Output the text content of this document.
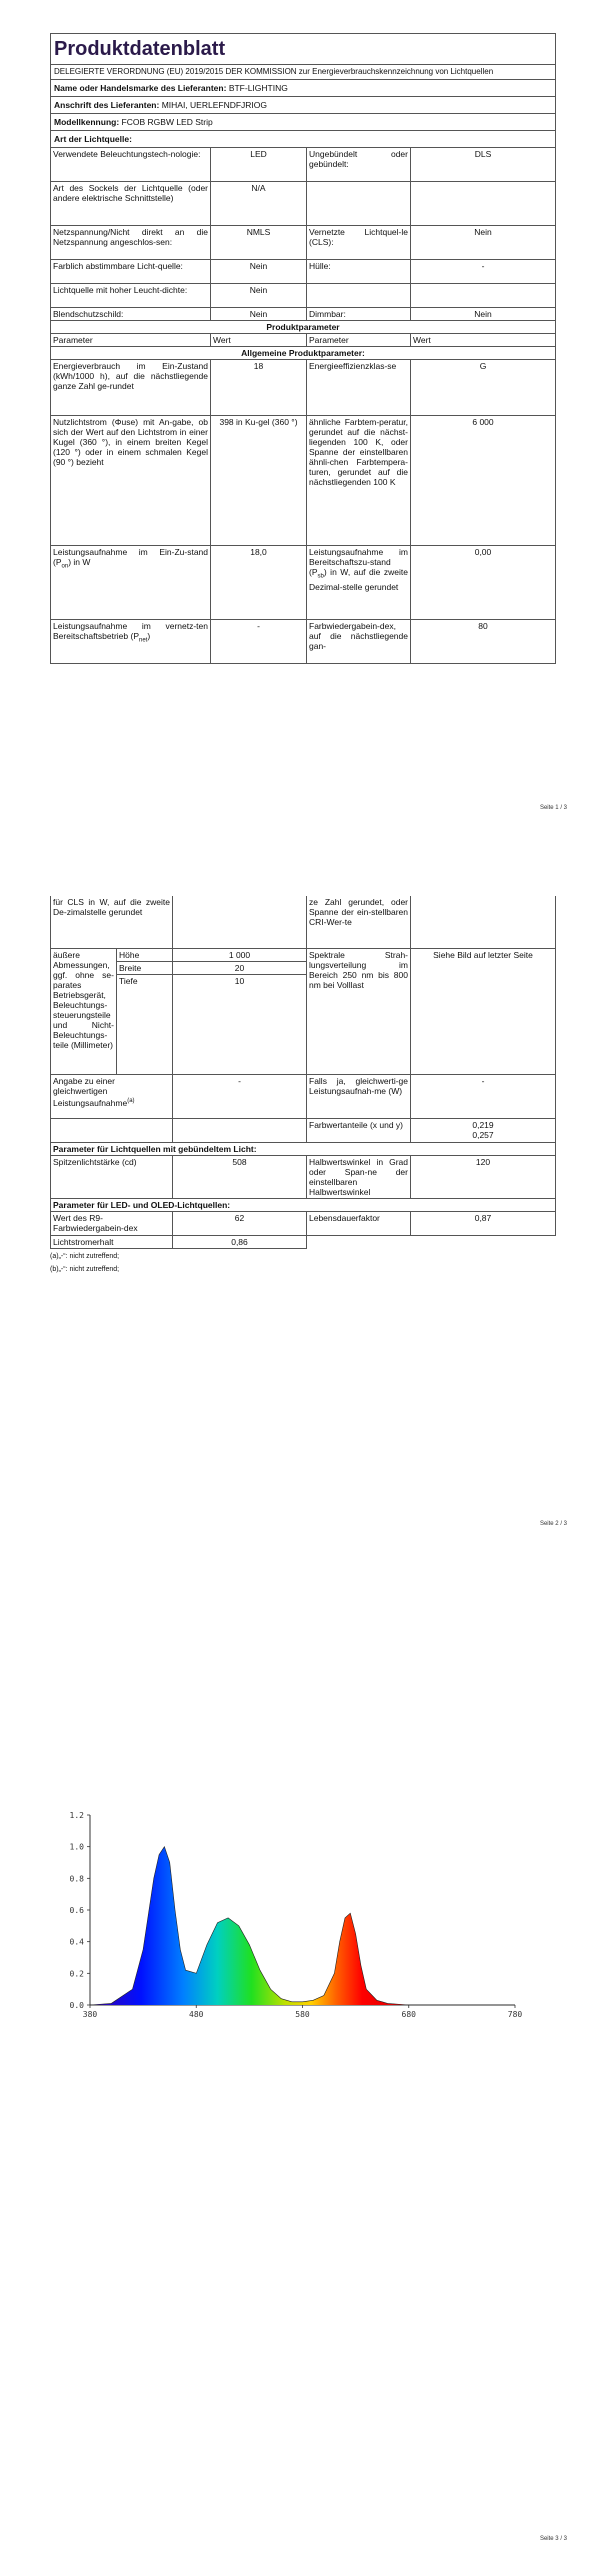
Produktdatenblatt			
DELEGIERTE VERORDNUNG (EU) 2019/2015 DER KOMMISSION zur Energieverbrauchskennzeichnung von Lichtquellen			
Name oder Handelsmarke des Lieferanten: BTF-LIGHTING			
Anschrift des Lieferanten: MIHAI, UERLEFNDFJRIOG			
Modellkennung: FCOB RGBW LED Strip			
Art der Lichtquelle:			
Verwendete Beleuchtungstech-nologie:	LED	Ungebündelt oder gebündelt:	DLS
Art des Sockels der Lichtquelle (oder andere elektrische Schnittstelle)	N/A		
Netzspannung/Nicht direkt an die Netzspannung angeschlos-sen:	NMLS	Vernetzte Lichtquel-le (CLS):	Nein
Farblich abstimmbare Licht-quelle:	Nein	Hülle:	-
Lichtquelle mit hoher Leucht-dichte:	Nein		
Blendschutzschild:	Nein	Dimmbar:	Nein
Produktparameter			
Parameter	Wert	Parameter	Wert
Allgemeine Produktparameter:			
Energieverbrauch im Ein-Zustand (kWh/1000 h), auf die nächstliegende ganze Zahl ge-rundet	18	Energieeffizienzklas-se	G
Nutzlichtstrom (Φuse) mit An-gabe, ob sich der Wert auf den Lichtstrom in einer Kugel (360 °), in einem breiten Kegel (120 °) oder in einem schmalen Kegel (90 °) bezieht	398 in Ku-gel (360 °)	ähnliche Farbtem-peratur, gerundet auf die nächst-liegenden 100 K, oder Spanne der einstellbaren ähnli-chen Farbtempera-turen, gerundet auf die nächstliegenden 100 K	6 000
Leistungsaufnahme im Ein-Zu-stand $(P_{on})$ in W	18,0	Leistungsaufnahme im Bereitschaftszu-stand $(P_{sb})$ in W, auf die zweite Dezimal-stelle gerundet	0,00
Leistungsaufnahme im vernetz-ten Bereitschaftsbetrieb $(P_{net})$	-	Farbwiedergabein-dex, auf die nächstliegende gan-	80
Seite 1 / 3
für CLS in W, auf die zweite De-zimalstelle gerundet			ze Zahl gerundet, oder Spanne der ein-stellbaren CRI-Wer-te	
äußere Abmessungen, ggf. ohne se-parates Betriebsgerät, Beleuchtungs-steuerungsteile und Nicht-Beleuchtungs-teile (Millimeter)	Höhe	1 000	Spektrale Strah-lungsverteilung im Bereich 250 nm bis 800 nm bei Volllast	Siehe Bild auf letzter Seite
	Breite	20		
	Tiefe	10		
Angabe zu einer gleichwertigen Leistungsaufnahme$^{(a)}$		-	Falls ja, gleichwerti-ge Leistungsaufnah-me (W)	-
			Farbwertanteile (x und y)	0,219
0,257

Parameter für Lichtquellen mit gebündeltem Licht:				
Spitzenlichtstärke (cd)		508	Halbwertswinkel in Grad oder Span-ne der einstellbaren Halbwertswinkel	120
Parameter für LED- und OLED-Lichtquellen:				
Wert des R9-Farbwiedergabein-dex		62	Lebensdauerfaktor	0,87
Lichtstromerhalt		0,86		
(a)„-“: nicht zutreffend;
(b)„-“: nicht zutreffend;
Seite 2 / 3
Seite 3 / 3
0.0
0.2
0.4
0.6
0.8
1.0
1.2
380	480	580	680	780
